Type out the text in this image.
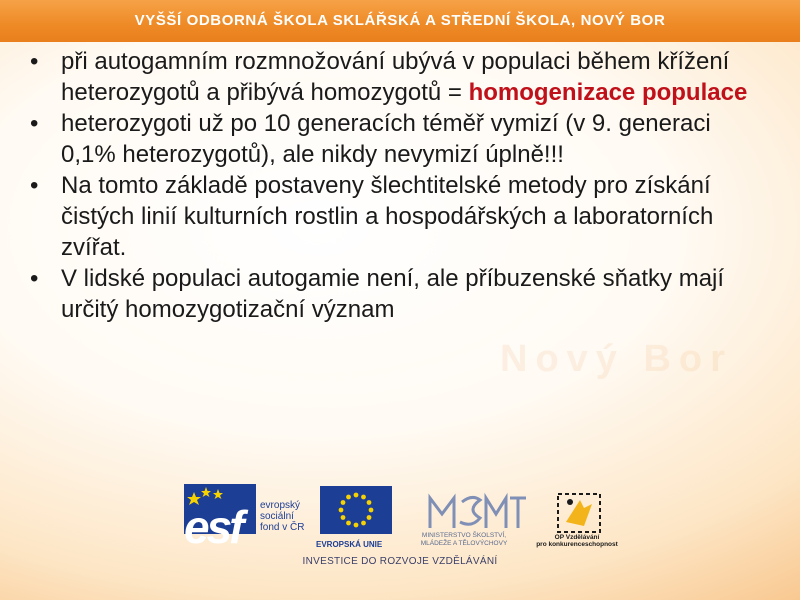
VYŠŠÍ ODBORNÁ ŠKOLA SKLÁŘSKÁ A STŘEDNÍ ŠKOLA, NOVÝ BOR
Nový Bor

• při autogamním rozmnožování ubývá v populaci během křížení heterozygotů a přibývá homozygotů = homogenizace populace

• heterozygoti už po 10 generacích téměř vymizí (v 9. generaci 0,1% heterozygotů), ale nikdy nevymizí úplně!!!

• Na tomto základě postaveny šlechtitelské metody pro získání čistých linií kulturních rostlin a hospodářských a laboratorních zvířat.

• V lidské populaci autogamie není, ale příbuzenské sňatky mají určitý homozygotizační význam

esf evropský
sociální
fond v ČR
EVROPSKÁ UNIE
MINISTERSTVO ŠKOLSTVÍ,
MLÁDEŽE A TĚLOVÝCHOVY
OP Vzdělávání
pro konkurenceschopnost
INVESTICE DO ROZVOJE VZDĚLÁVÁNÍ
